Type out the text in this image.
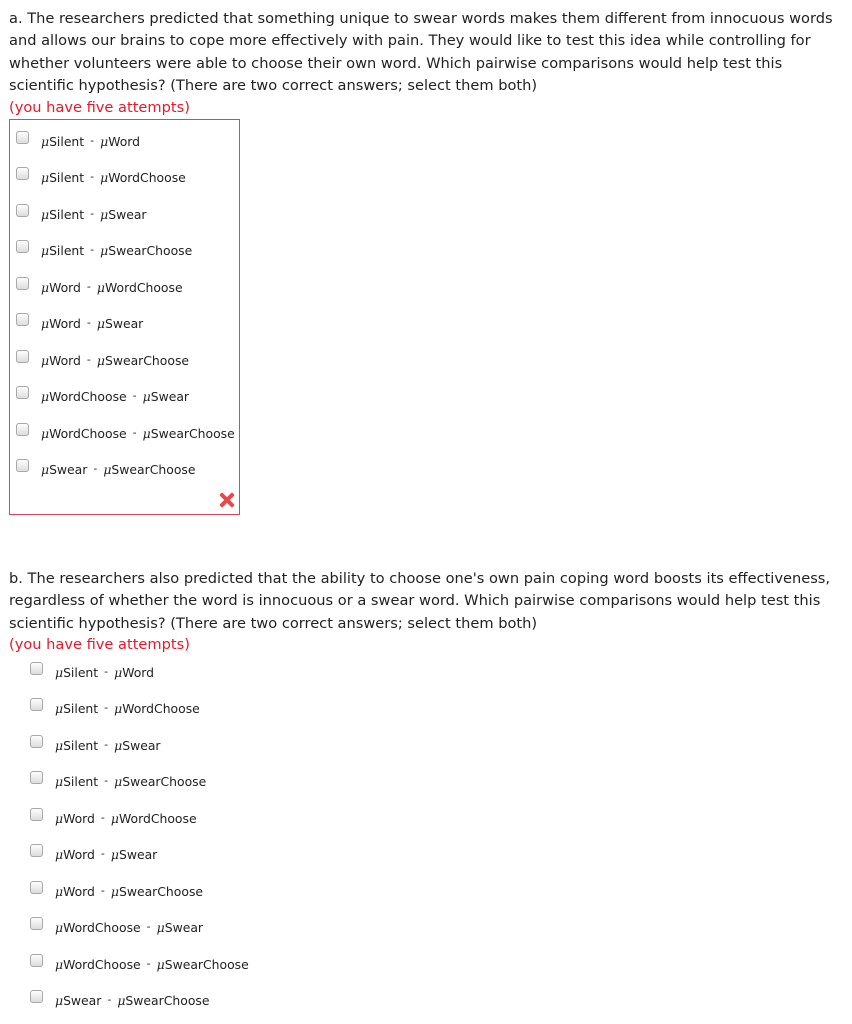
a. The researchers predicted that something unique to swear words makes them different from innocuous words and allows our brains to cope more effectively with pain. They would like to test this idea while controlling for whether volunteers were able to choose their own word. Which pairwise comparisons would help test this scientific hypothesis? (There are two correct answers; select them both)

(you have five attempts)
μSilent - μWord
μSilent - μWordChoose
μSilent - μSwear
μSilent - μSwearChoose
μWord - μWordChoose
μWord - μSwear
μWord - μSwearChoose
μWordChoose - μSwear
μWordChoose - μSwearChoose
μSwear - μSwearChoose

b. The researchers also predicted that the ability to choose one's own pain coping word boosts its effectiveness, regardless of whether the word is innocuous or a swear word. Which pairwise comparisons would help test this scientific hypothesis? (There are two correct answers; select them both)

(you have five attempts)
μSilent - μWord
μSilent - μWordChoose
μSilent - μSwear
μSilent - μSwearChoose
μWord - μWordChoose
μWord - μSwear
μWord - μSwearChoose
μWordChoose - μSwear
μWordChoose - μSwearChoose
μSwear - μSwearChoose
